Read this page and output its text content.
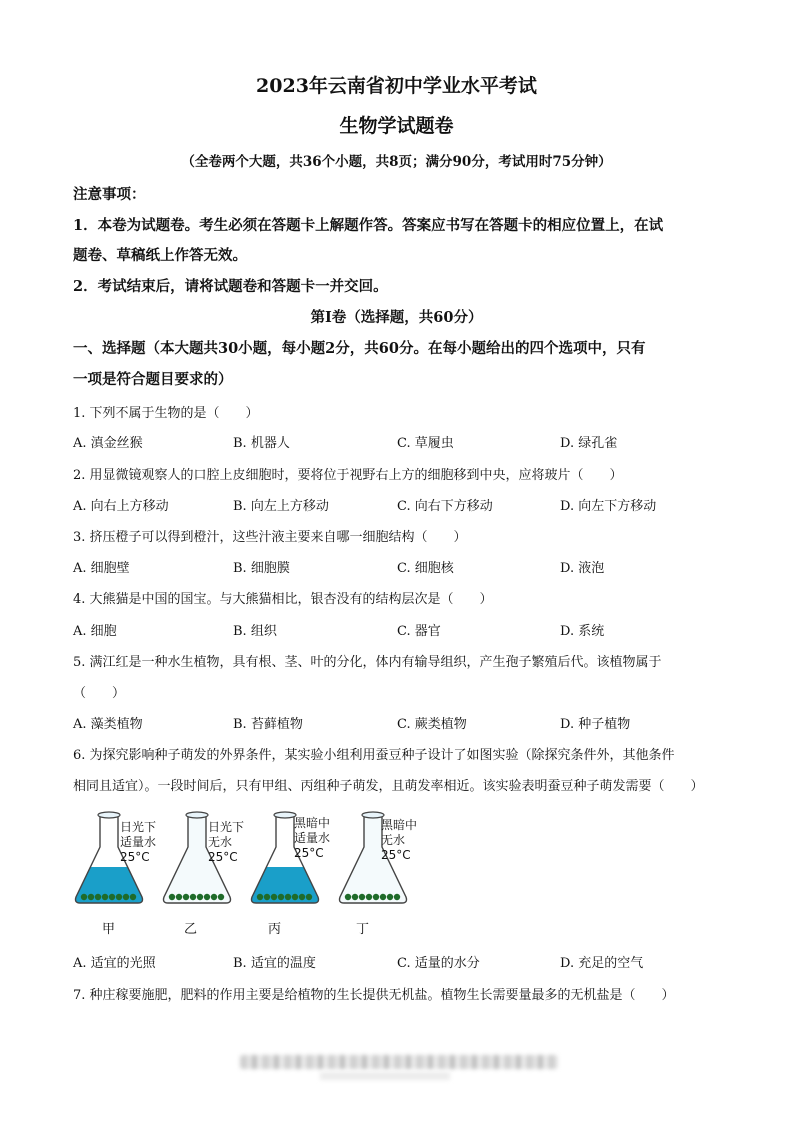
2023年云南省初中学业水平考试
生物学试题卷
（全卷两个大题，共36个小题，共8页；满分90分，考试用时75分钟）
注意事项：
1．本卷为试题卷。考生必须在答题卡上解题作答。答案应书写在答题卡的相应位置上，在试
题卷、草稿纸上作答无效。
2．考试结束后，请将试题卷和答题卡一并交回。
第Ⅰ卷（选择题，共60分）
一、选择题（本大题共30小题，每小题2分，共60分。在每小题给出的四个选项中，只有
一项是符合题目要求的）
1. 下列不属于生物的是（　　）
A. 滇金丝猴	B. 机器人	C. 草履虫	D. 绿孔雀
2. 用显微镜观察人的口腔上皮细胞时，要将位于视野右上方的细胞移到中央，应将玻片（　　）
A. 向右上方移动	B. 向左上方移动	C. 向右下方移动	D. 向左下方移动
3. 挤压橙子可以得到橙汁，这些汁液主要来自哪一细胞结构（　　）
A. 细胞壁	B. 细胞膜	C. 细胞核	D. 液泡
4. 大熊猫是中国的国宝。与大熊猫相比，银杏没有的结构层次是（　　）
A. 细胞	B. 组织	C. 器官	D. 系统
5. 满江红是一种水生植物，具有根、茎、叶的分化，体内有输导组织，产生孢子繁殖后代。该植物属于
（　　）
A. 藻类植物	B. 苔藓植物	C. 蕨类植物	D. 种子植物
6. 为探究影响种子萌发的外界条件，某实验小组利用蚕豆种子设计了如图实验（除探究条件外，其他条件
相同且适宜）。一段时间后，只有甲组、丙组种子萌发，且萌发率相近。该实验表明蚕豆种子萌发需要（　　）
日光下
适量水
25°C
日光下
无水
25°C
黑暗中
适量水
25°C
黑暗中
无水
25°C
甲	乙	丙	丁
A. 适宜的光照	B. 适宜的温度	C. 适量的水分	D. 充足的空气
7. 种庄稼要施肥，肥料的作用主要是给植物的生长提供无机盐。植物生长需要量最多的无机盐是（　　）
